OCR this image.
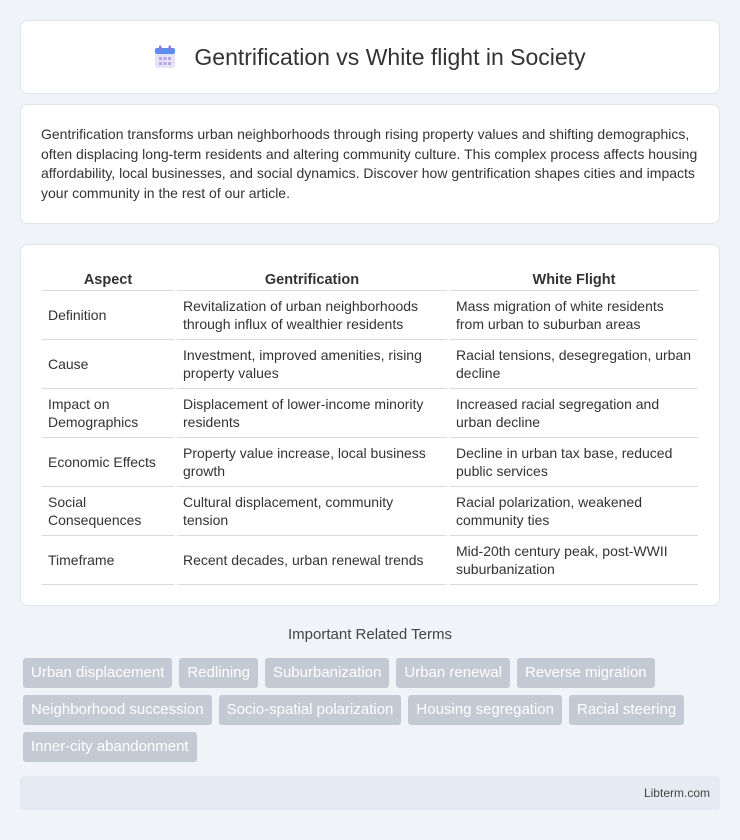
Gentrification vs White flight in Society

Gentrification transforms urban neighborhoods through rising property values and shifting demographics, often displacing long-term residents and altering community culture. This complex process affects housing affordability, local businesses, and social dynamics. Discover how gentrification shapes cities and impacts your community in the rest of our article.

Aspect	Gentrification	White Flight
Definition	Revitalization of urban neighborhoods through influx of wealthier residents	Mass migration of white residents from urban to suburban areas
Cause	Investment, improved amenities, rising property values	Racial tensions, desegregation, urban decline
Impact on Demographics	Displacement of lower-income minority residents	Increased racial segregation and urban decline
Economic Effects	Property value increase, local business growth	Decline in urban tax base, reduced public services
Social Consequences	Cultural displacement, community tension	Racial polarization, weakened community ties
Timeframe	Recent decades, urban renewal trends	Mid-20th century peak, post-WWII suburbanization
Important Related Terms
Urban displacement	Redlining	Suburbanization	Urban renewal	Reverse migration
Neighborhood succession	Socio-spatial polarization	Housing segregation	Racial steering
Inner-city abandonment
Libterm.com
